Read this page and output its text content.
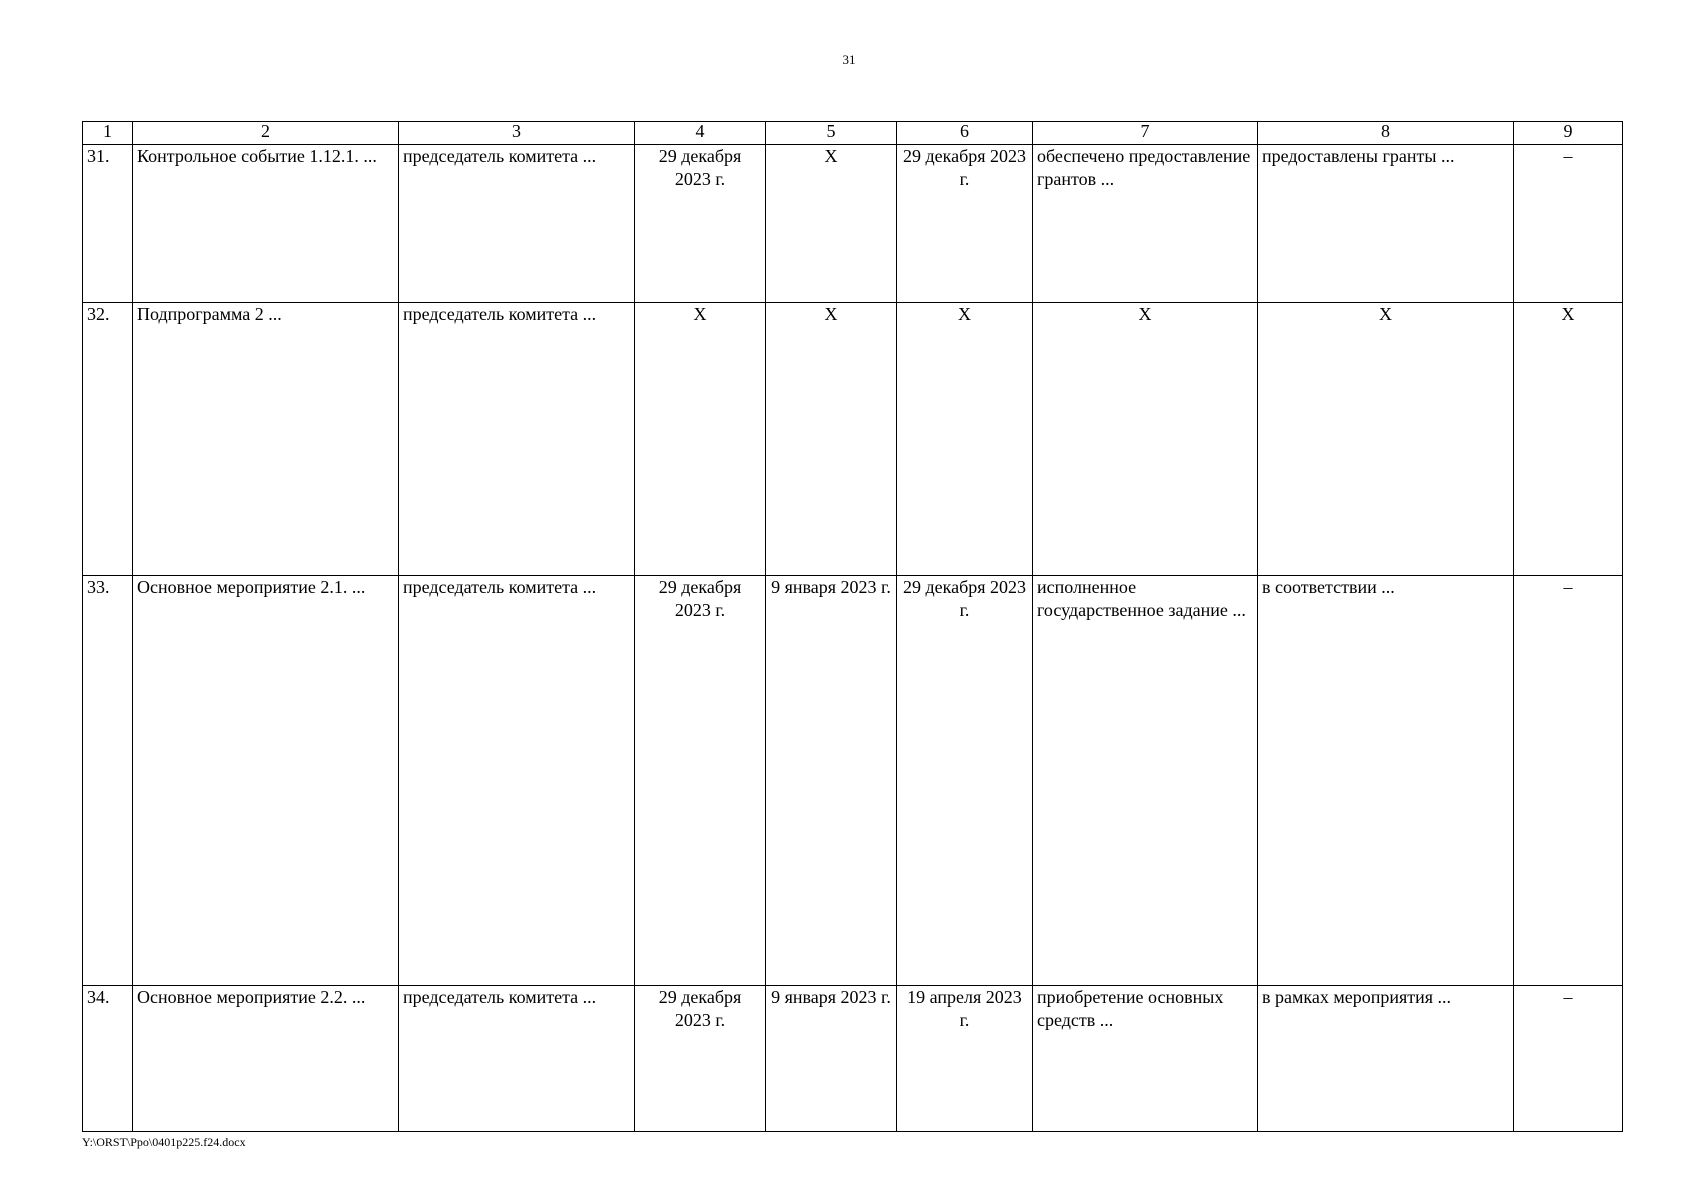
31
1	2	3	4	5	6	7	8	9
31.	Контрольное событие 1.12.1. ...	председатель комитета ...	29 декабря 2023 г.	X	29 декабря 2023 г.	обеспечено предоставление грантов ...	предоставлены гранты ...	–
32.	Подпрограмма 2 ...	председатель комитета ...	X	X	X	X	X	X
33.	Основное мероприятие 2.1. ...	председатель комитета ...	29 декабря 2023 г.	9 января 2023 г.	29 декабря 2023 г.	исполненное государственное задание ...	в соответствии ...	–
34.	Основное мероприятие 2.2. ...	председатель комитета ...	29 декабря 2023 г.	9 января 2023 г.	19 апреля 2023 г.	приобретение основных средств ...	в рамках мероприятия ...	–
Y:\ORST\Ppo\0401p225.f24.docx
